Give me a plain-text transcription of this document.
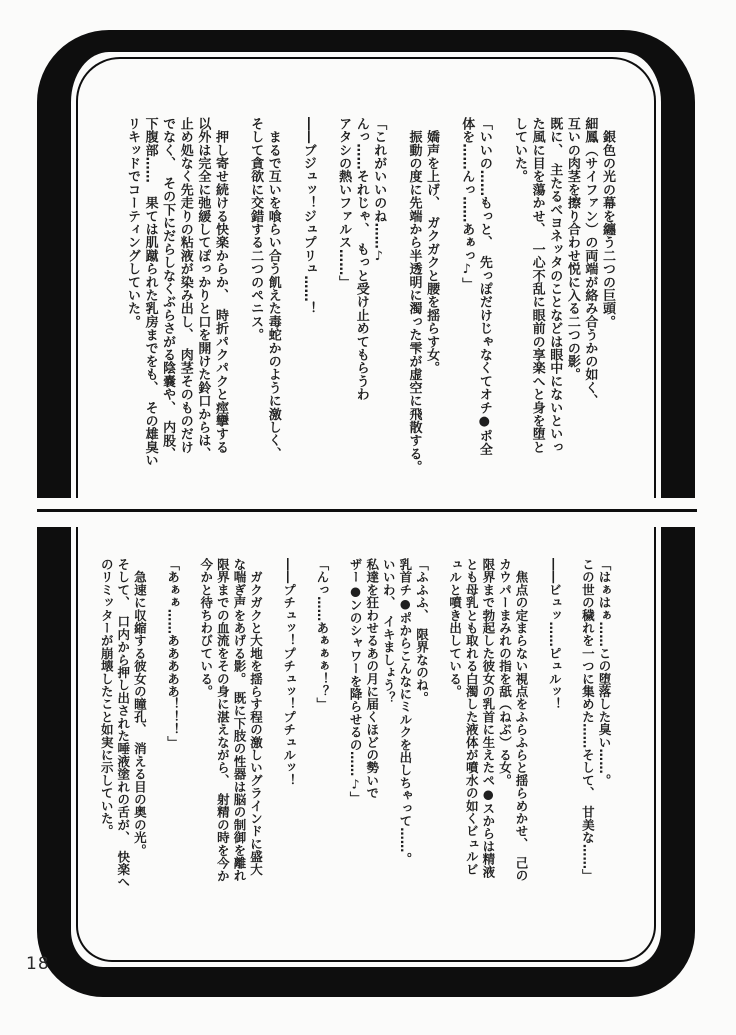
　銀色の光の幕を纏う二つの巨頭。

細鳳（サイファン）の両端が絡み合うかの如く、

互いの肉茎を擦り合わせ悦に入る二つの影。

既に、　主たるベヨネッタのことなどは眼中にないといっ

た風に目を蕩かせ、　一心不乱に眼前の享楽へと身を堕と

していた。

「いいの……もっと、　先っぽだけじゃなくてオチ●ポ全

体を……んっ……あぁっ♪」

　嬌声を上げ、　ガクガクと腰を揺らす女。

　振動の度に先端から半透明に濁った雫が虚空に飛散する。

「これがいいのね……♪

んっ……それじゃ、　もっと受け止めてもらうわ

アタシの熱いファルス……」

――ブジュッ！ジュプリュ……！

　まるで互いを喰らい合う飢えた毒蛇かのように激しく、

そして貪欲に交錯する二つのペニス。

　押し寄せ続ける快楽からか、　時折パクパクと痙攣する

以外は完全に弛緩してぽっかりと口を開けた鈴口からは、

止め処なく先走りの粘液が染み出し、　肉茎そのものだけ

でなく、　その下にだらしなくぶらさがる陰嚢や、　内股、

下腹部……　果ては肌蹴られた乳房までをも、　その雄臭い

リキッドでコーティングしていた。

「はぁはぁ……この堕落した臭い……。

この世の穢れを一つに集めた……そして、　甘美な……」

――ビュッ……ピュルッ！

　焦点の定まらない視点をふらふらと揺らめかせ、　己の

カウパーまみれの指を舐（ねぶ）る女。

限界まで勃起した彼女の乳首に生えたペ●スからは精液

とも母乳とも取れる白濁した液体が噴水の如くビュルビ

ュルと噴き出している。

「ふふふ、　限界なのね。

乳首チ●ポからこんなにミルクを出しちゃって……。

いいわ、　イキましょう？

私達を狂わせるあの月に届くほどの勢いで

ザー●ンのシャワーを降らせるの……♪」

「んっ……あぁぁぁ！？」

――プチュッ！プチュッ！プチュルッ！

　ガクガクと大地を揺らす程の激しいグラインドに盛大

な喘ぎ声をあげる影。　既に下肢の性器は脳の制御を離れ

限界までの血流をその身に湛えながら、　射精の時を今か

今かと待ちわびている。

「あぁぁ……あああああ！！！」

　急速に収縮する彼女の瞳孔、　消える目の奥の光。

そして、　口内から押し出された唾液塗れの舌が、　快楽へ

のリミッターが崩壊したこと如実に示していた。

18
